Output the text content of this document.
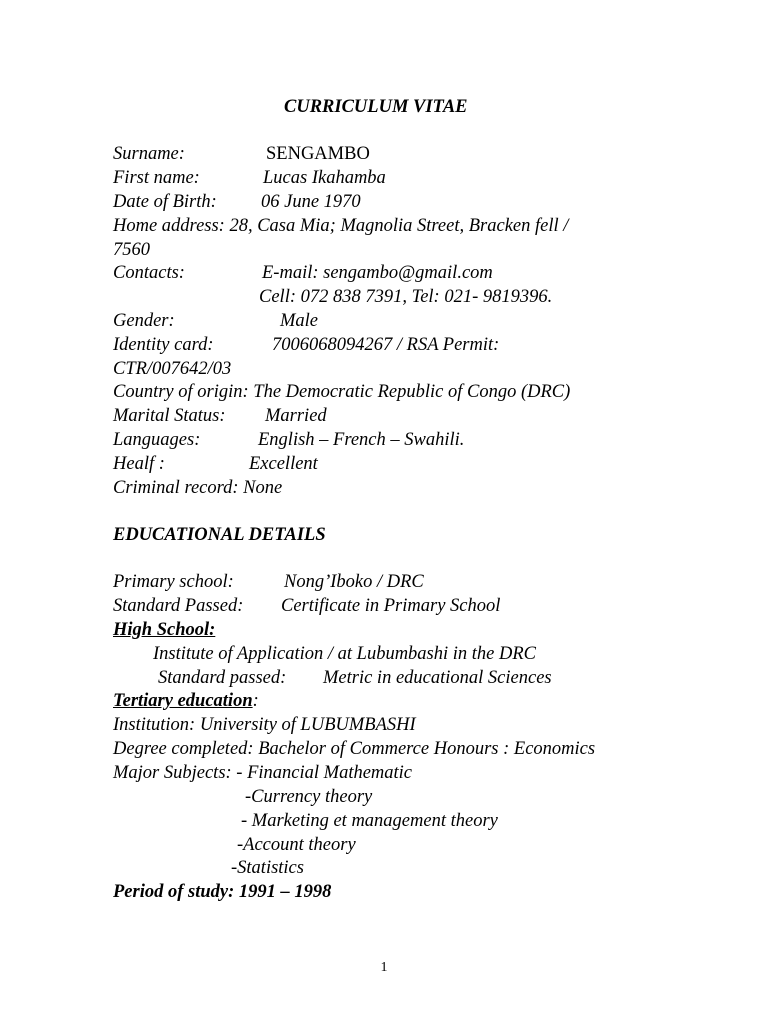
CURRICULUM VITAE
Surname:	SENGAMBO
First name:	Lucas Ikahamba
Date of Birth: 06 June 1970
Home address: 28, Casa Mia; Magnolia Street, Bracken fell /
7560
Contacts:	E-mail: sengambo@gmail.com
Cell: 072 838 7391, Tel: 021- 9819396.
Gender:	Male
Identity card:	7006068094267 / RSA Permit:
CTR/007642/03
Country of origin: The Democratic Republic of Congo (DRC)
Marital Status: Married
Languages:	English – French – Swahili.
Healf :	Excellent
Criminal record: None
EDUCATIONAL DETAILS
Primary school:	Nong’Iboko / DRC
Standard Passed: Certificate in Primary School
High School:
Institute of Application / at Lubumbashi in the DRC
Standard passed: Metric in educational Sciences
Tertiary education:
Institution: University of LUBUMBASHI
Degree completed: Bachelor of Commerce Honours : Economics
Major Subjects: - Financial Mathematic
-Currency theory
- Marketing et management theory
-Account theory
-Statistics
Period of study: 1991 – 1998
1
